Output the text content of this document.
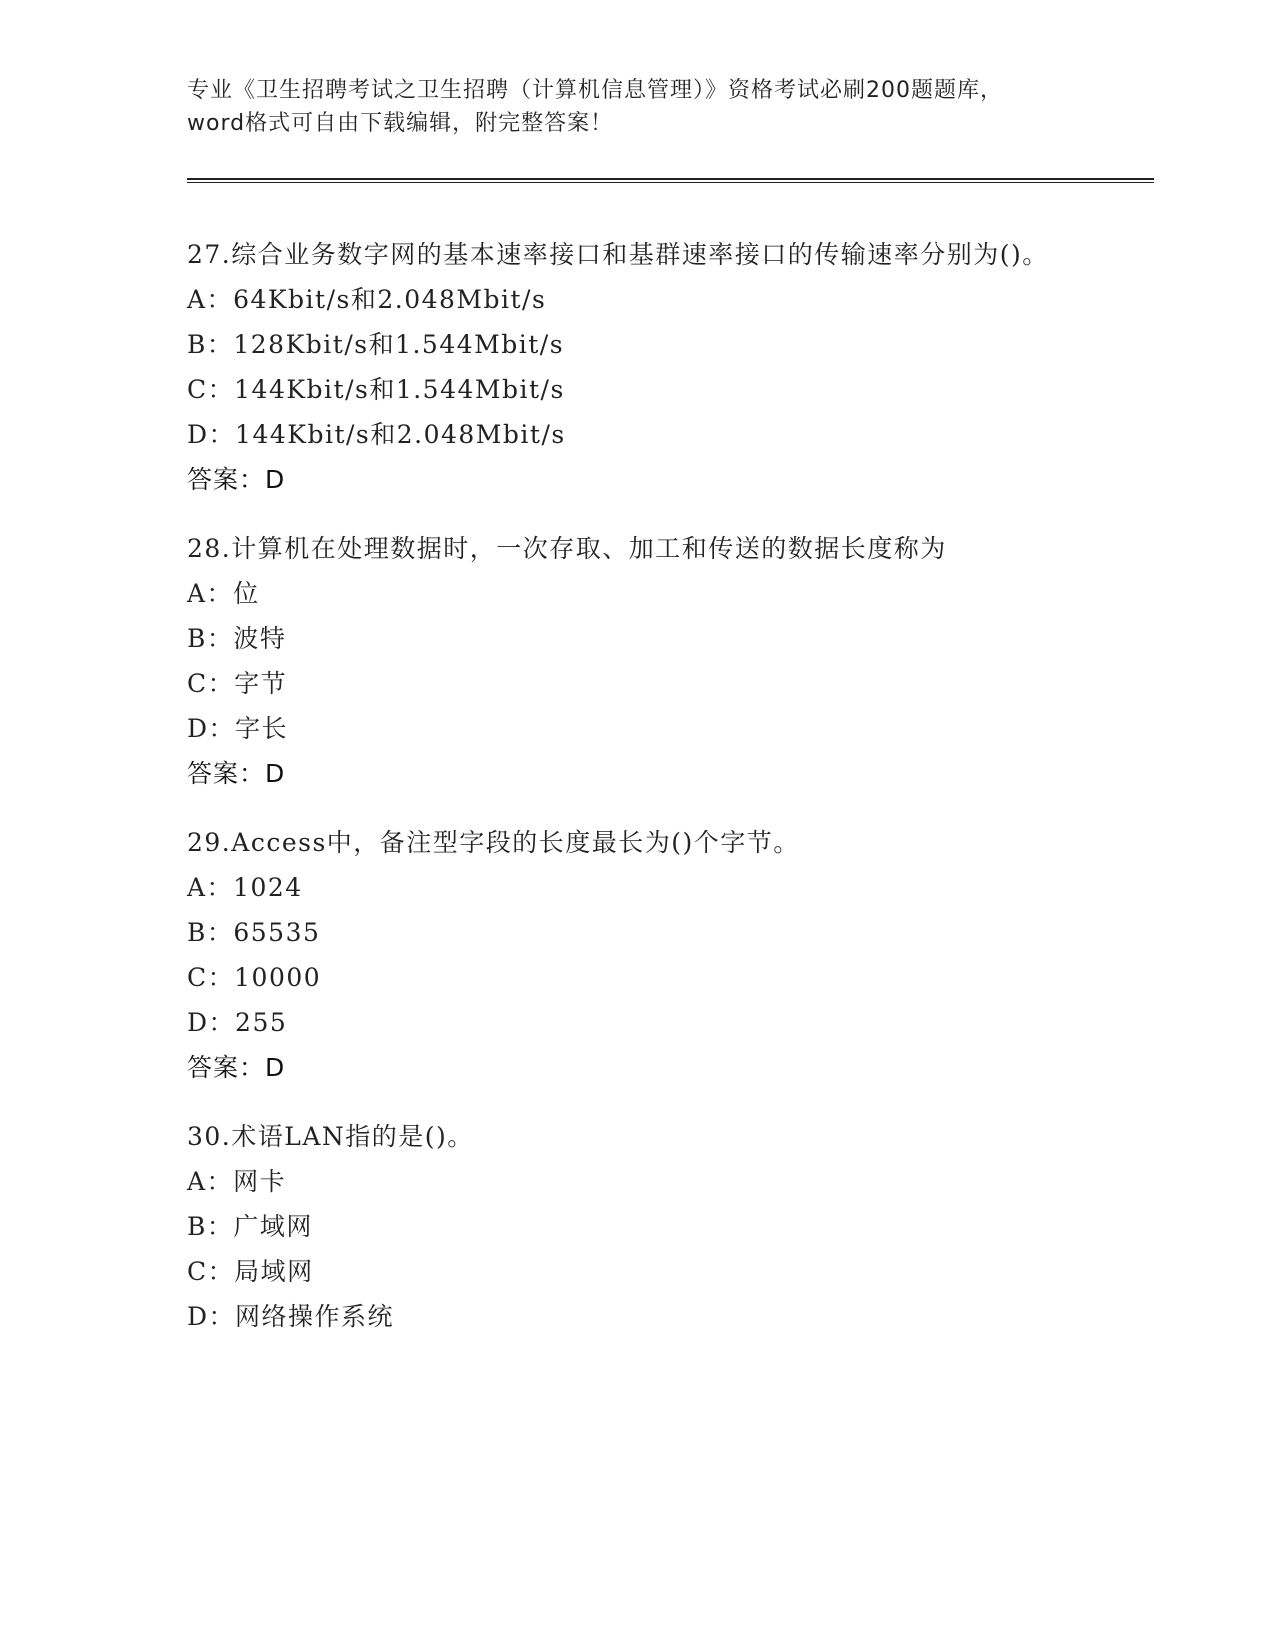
专业《卫生招聘考试之卫生招聘（计算机信息管理）》资格考试必刷200题题库，
word格式可自由下载编辑，附完整答案！
27.综合业务数字网的基本速率接口和基群速率接口的传输速率分别为()。
A： 64Kbit/s和2.048Mbit/s
B： 128Kbit/s和1.544Mbit/s
C： 144Kbit/s和1.544Mbit/s
D： 144Kbit/s和2.048Mbit/s
答案：D
28.计算机在处理数据时，一次存取、加工和传送的数据长度称为
A： 位
B： 波特
C： 字节
D： 字长
答案：D
29.Access中，备注型字段的长度最长为()个字节。
A： 1024
B： 65535
C： 10000
D： 255
答案：D
30.术语LAN指的是()。
A： 网卡
B： 广域网
C： 局域网
D： 网络操作系统
